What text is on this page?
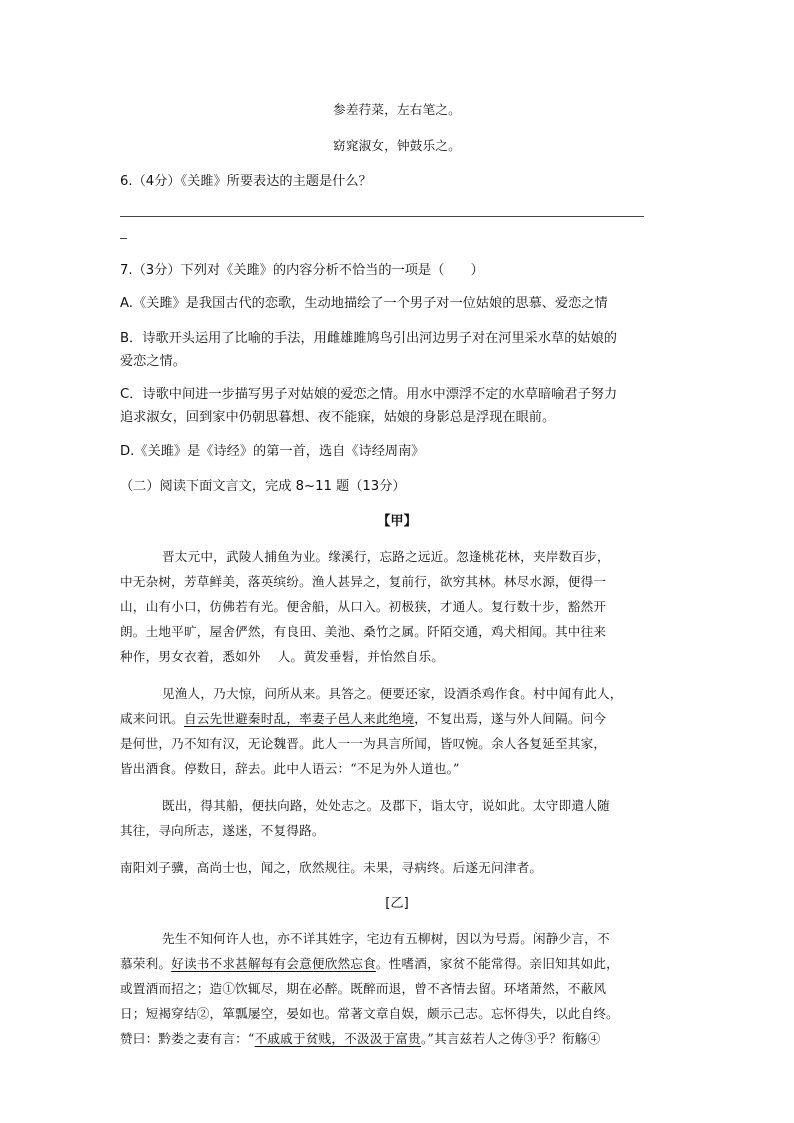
参差荇菜，左右笔之。
窈窕淑女，钟鼓乐之。
6.（4分）《关雎》所要表达的主题是什么？
7.（3分）下列对《关雎》的内容分析不恰当的一项是（　　）
A.《关雎》是我国古代的恋歌，生动地描绘了一个男子对一位姑娘的思慕、爱恋之情
B．诗歌开头运用了比喻的手法，用雌雄雎鸠鸟引出河边男子对在河里采水草的姑娘的
爱恋之情。
C．诗歌中间进一步描写男子对姑娘的爱恋之情。用水中漂浮不定的水草暗喻君子努力
追求淑女，回到家中仍朝思暮想、夜不能寐，姑娘的身影总是浮现在眼前。
D.《关雎》是《诗经》的第一首，选自《诗经周南》
（二）阅读下面文言文，完成 8~11 题（13分）
【甲】
晋太元中，武陵人捕鱼为业。缘溪行，忘路之远近。忽逢桃花林，夹岸数百步，
中无杂树，芳草鲜美，落英缤纷。渔人甚异之，复前行，欲穷其林。林尽水源，便得一
山，山有小口，仿佛若有光。便舍船，从口入。初极狭，才通人。复行数十步，豁然开
朗。土地平旷，屋舍俨然，有良田、美池、桑竹之属。阡陌交通，鸡犬相闻。其中往来
种作，男女衣着，悉如外　 人。黄发垂髫，并怡然自乐。
见渔人，乃大惊，问所从来。具答之。便要还家，设酒杀鸡作食。村中闻有此人，
咸来问讯。自云先世避秦时乱，率妻子邑人来此绝境，不复出焉，遂与外人间隔。问今
是何世，乃不知有汉，无论魏晋。此人一一为具言所闻，皆叹惋。余人各复延至其家，
皆出酒食。停数日，辞去。此中人语云：“不足为外人道也。”
既出，得其船，便扶向路，处处志之。及郡下，诣太守，说如此。太守即遣人随
其往，寻向所志，遂迷，不复得路。
南阳刘子骥，高尚士也，闻之，欣然规往。未果，寻病终。后遂无问津者。
[乙]
先生不知何许人也，亦不详其姓字，宅边有五柳树，因以为号焉。闲静少言，不
慕荣利。好读书不求甚解每有会意便欣然忘食。性嗜酒，家贫不能常得。亲旧知其如此，
或置酒而招之；造①饮辄尽，期在必醉。既醉而退，曾不吝情去留。环堵萧然，不蔽风
日；短褐穿结②，箪瓢屡空，晏如也。常著文章自娱，颇示己志。忘怀得失，以此自终。
赞曰：黔娄之妻有言：“不戚戚于贫贱，不汲汲于富贵。”其言兹若人之俦③乎？衔觞④
